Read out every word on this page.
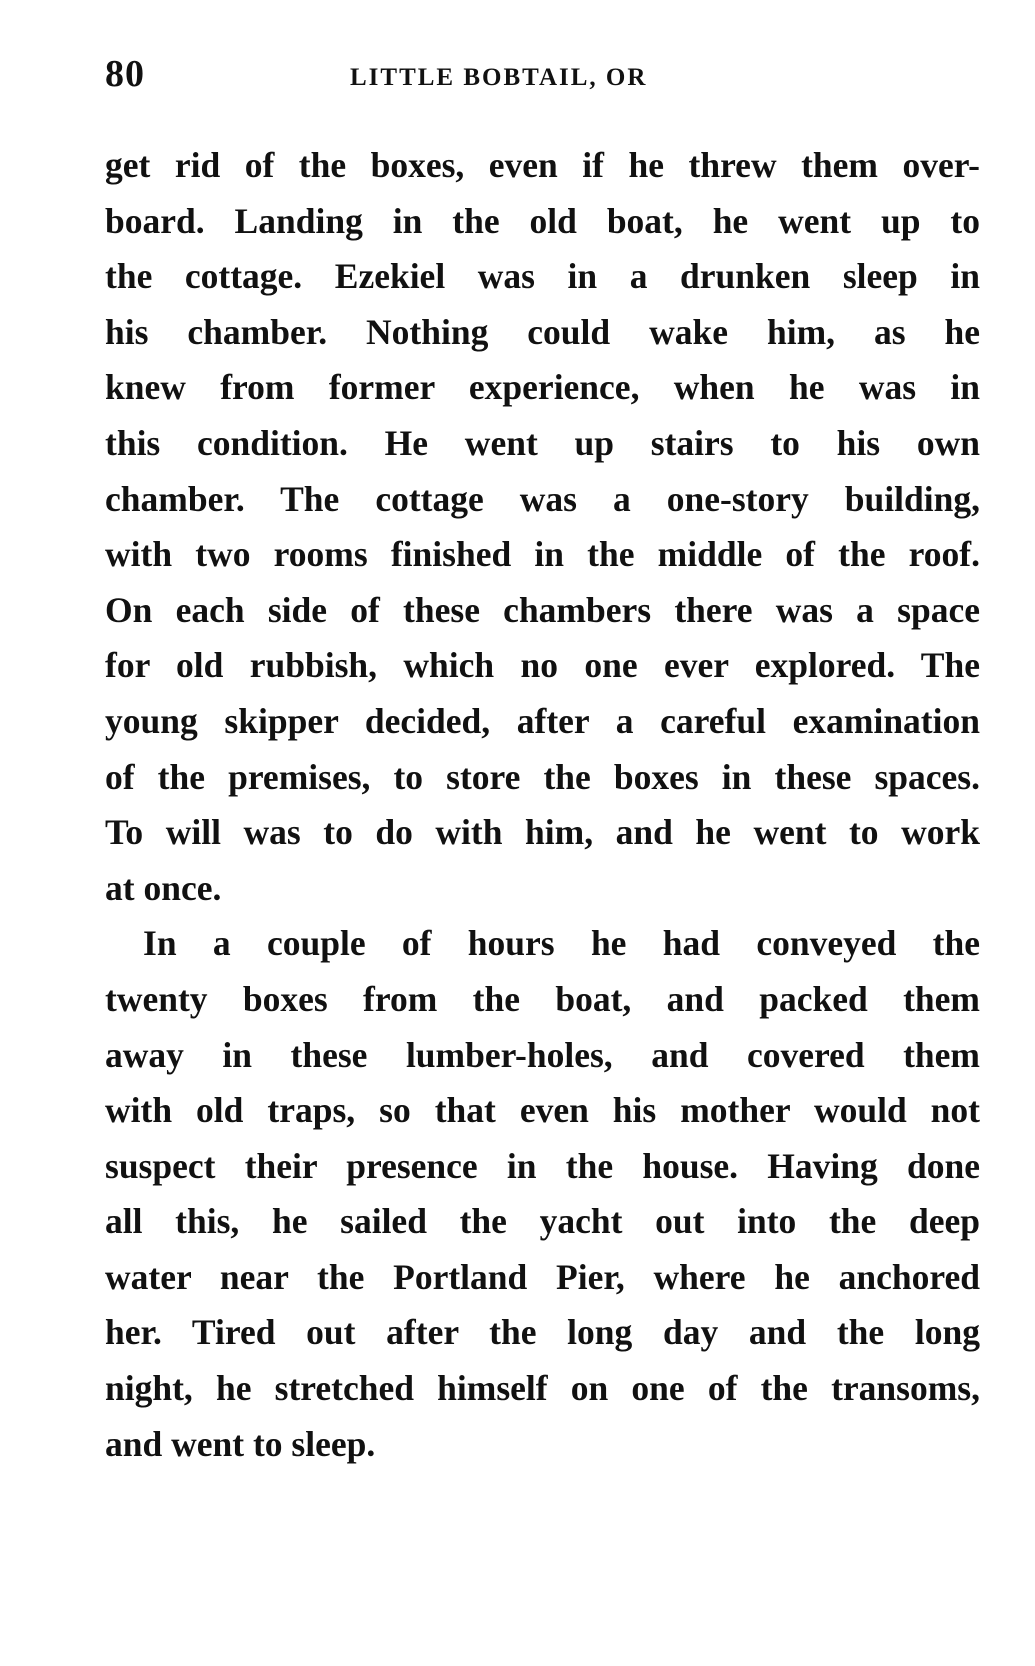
80	LITTLE BOBTAIL, OR
get rid of the boxes, even if he threw them over-
board. Landing in the old boat, he went up to
the cottage. Ezekiel was in a drunken sleep in
his chamber. Nothing could wake him, as he
knew from former experience, when he was in
this condition. He went up stairs to his own
chamber. The cottage was a one-story building,
with two rooms finished in the middle of the roof.
On each side of these chambers there was a space
for old rubbish, which no one ever explored. The
young skipper decided, after a careful examination
of the premises, to store the boxes in these spaces.
To will was to do with him, and he went to work
at once.
In a couple of hours he had conveyed the
twenty boxes from the boat, and packed them
away in these lumber-holes, and covered them
with old traps, so that even his mother would not
suspect their presence in the house. Having done
all this, he sailed the yacht out into the deep
water near the Portland Pier, where he anchored
her. Tired out after the long day and the long
night, he stretched himself on one of the transoms,
and went to sleep.
